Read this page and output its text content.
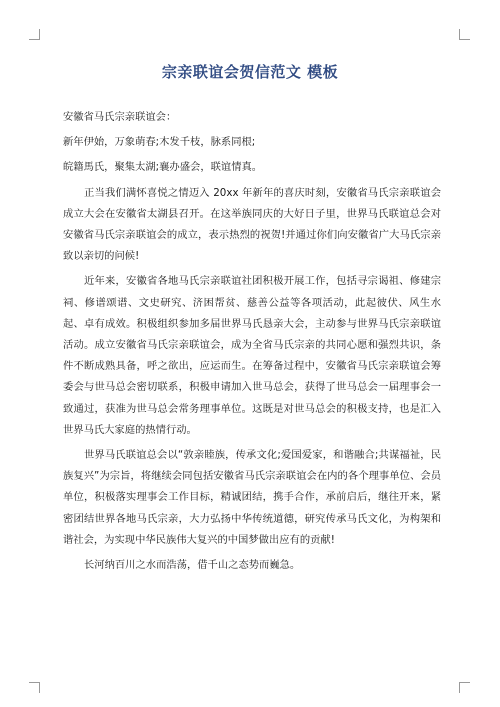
宗亲联谊会贺信范文 模板

安徽省马氏宗亲联谊会：

新年伊始，万象萌春;木发千枝，脉系同根;

皖籍馬氏，聚集太湖;襄办盛会，联谊情真。

正当我们满怀喜悦之情迈入 20xx 年新年的喜庆时刻，安徽省马氏宗亲联谊会成立大会在安徽省太湖县召开。在这举族同庆的大好日子里，世界马氏联谊总会对安徽省马氏宗亲联谊会的成立，表示热烈的祝贺!并通过你们向安徽省广大马氏宗亲致以亲切的问候!

近年来，安徽省各地马氏宗亲联谊社团积极开展工作，包括寻宗谒祖、修建宗祠、修谱颂谱、文史研究、济困帮贫、慈善公益等各项活动，此起彼伏、风生水起、卓有成效。积极组织参加多届世界马氏恳亲大会，主动参与世界马氏宗亲联谊活动。成立安徽省马氏宗亲联谊会，成为全省马氏宗亲的共同心愿和强烈共识，条件不断成熟具备，呼之欲出，应运而生。在筹备过程中，安徽省马氏宗亲联谊会筹委会与世马总会密切联系，积极申请加入世马总会，获得了世马总会一届理事会一致通过，获准为世马总会常务理事单位。这既是对世马总会的积极支持，也是汇入世界马氏大家庭的热情行动。

世界马氏联谊总会以“敦亲睦族，传承文化;爱国爱家，和谐融合;共谋福祉，民族复兴”为宗旨，将继续会同包括安徽省马氏宗亲联谊会在内的各个理事单位、会员单位，积极落实理事会工作目标，精诚团结，携手合作，承前启后，继往开来，紧密团结世界各地马氏宗亲，大力弘扬中华传统道德，研究传承马氏文化，为构架和谐社会，为实现中华民族伟大复兴的中国梦做出应有的贡献!

长河纳百川之水而浩荡，借千山之态势而巍急。
